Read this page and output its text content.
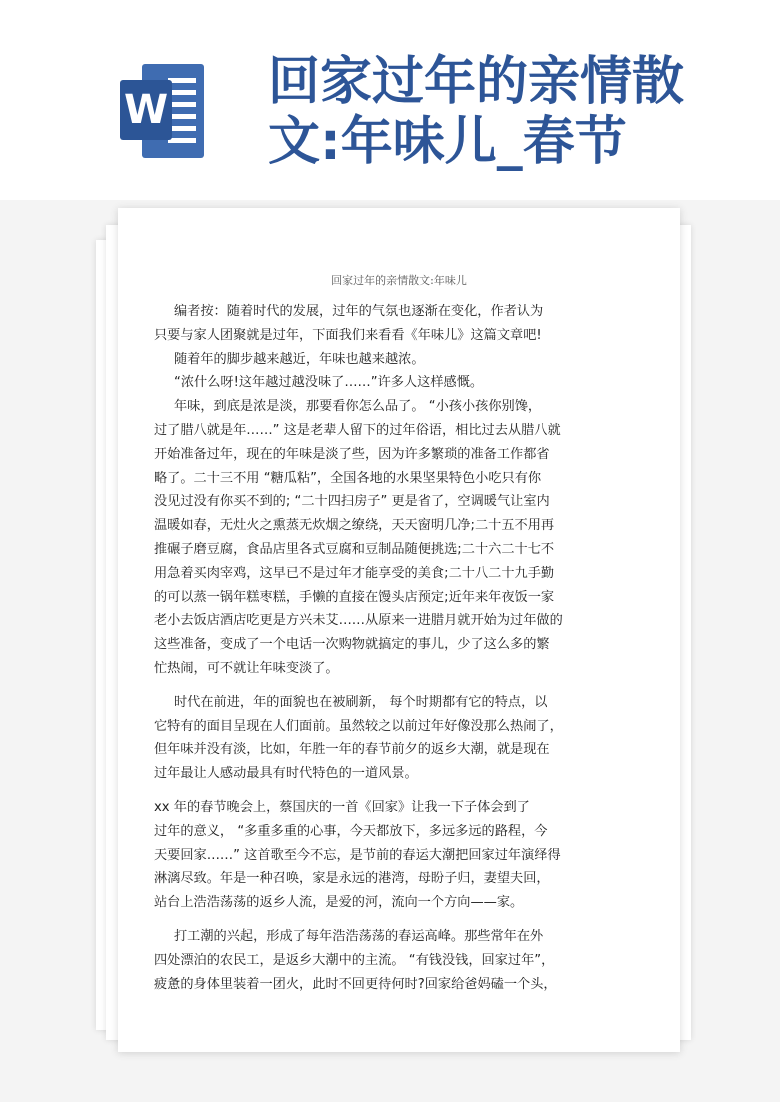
W 回家过年的亲情散
文:年味儿_春节
回家过年的亲情散文:年味儿
编者按：随着时代的发展，过年的气氛也逐渐在变化，作者认为
只要与家人团聚就是过年，下面我们来看看《年味儿》这篇文章吧!
随着年的脚步越来越近，年味也越来越浓。
“浓什么呀!这年越过越没味了……”许多人这样感慨。
年味，到底是浓是淡，那要看你怎么品了。 “小孩小孩你别馋，
过了腊八就是年……” 这是老辈人留下的过年俗语，相比过去从腊八就
开始准备过年，现在的年味是淡了些，因为许多繁琐的准备工作都省
略了。二十三不用 “糖瓜粘”，全国各地的水果坚果特色小吃只有你
没见过没有你买不到的; “二十四扫房子” 更是省了，空调暖气让室内
温暖如春，无灶火之熏蒸无炊烟之缭绕，天天窗明几净;二十五不用再
推碾子磨豆腐，食品店里各式豆腐和豆制品随便挑选;二十六二十七不
用急着买肉宰鸡，这早已不是过年才能享受的美食;二十八二十九手勤
的可以蒸一锅年糕枣糕，手懒的直接在馒头店预定;近年来年夜饭一家
老小去饭店酒店吃更是方兴未艾……从原来一进腊月就开始为过年做的
这些准备，变成了一个电话一次购物就搞定的事儿，少了这么多的繁
忙热闹，可不就让年味变淡了。
时代在前进，年的面貌也在被刷新， 每个时期都有它的特点，以
它特有的面目呈现在人们面前。虽然较之以前过年好像没那么热闹了，
但年味并没有淡，比如，年胜一年的春节前夕的返乡大潮，就是现在
过年最让人感动最具有时代特色的一道风景。
xx 年的春节晚会上，蔡国庆的一首《回家》让我一下子体会到了
过年的意义， “多重多重的心事，今天都放下，多远多远的路程，今
天要回家……” 这首歌至今不忘，是节前的春运大潮把回家过年演绎得
淋漓尽致。年是一种召唤，家是永远的港湾，母盼子归，妻望夫回，
站台上浩浩荡荡的返乡人流，是爱的河，流向一个方向——家。
打工潮的兴起，形成了每年浩浩荡荡的春运高峰。那些常年在外
四处漂泊的农民工，是返乡大潮中的主流。 “有钱没钱，回家过年”，
疲惫的身体里装着一团火，此时不回更待何时?回家给爸妈磕一个头，
